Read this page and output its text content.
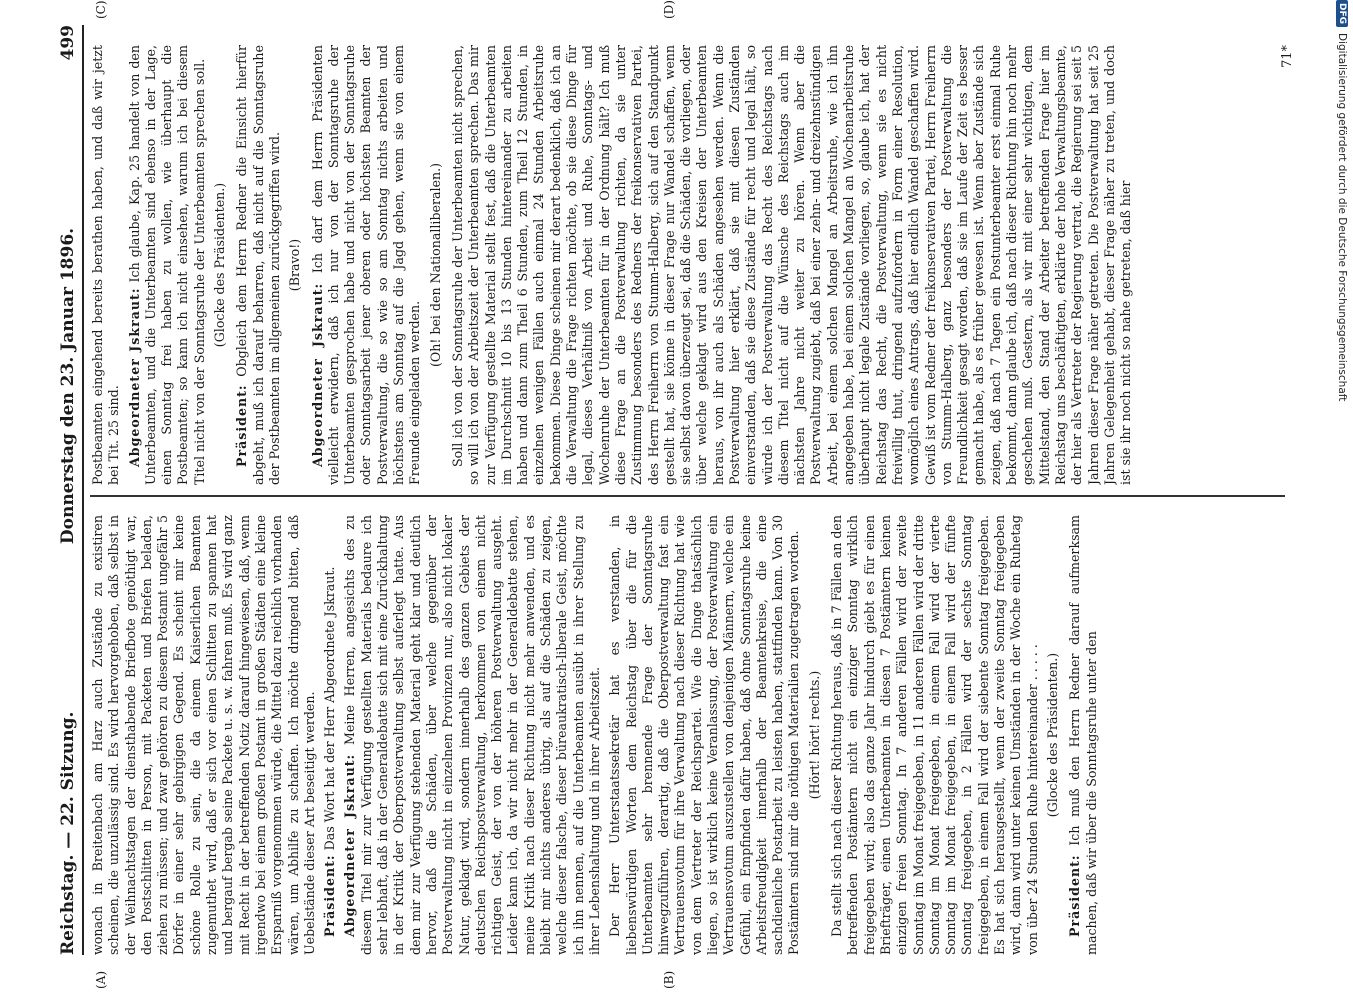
Reichstag. — 22. Sitzung.
Donnerstag den 23. Januar 1896.
499
(A)	(B)
(C)	(D)

wonach in Breitenbach am Harz auch Zustände zu existiren scheinen, die unzulässig sind. Es wird hervorgehoben, daß selbst in der Weihnachtstagen der diensthabende Briefbote genöthigt war, den Postschlitten in Person, mit Packeten und Briefen beladen, ziehen zu müssen; und zwar gehören zu diesem Postamt ungefähr 5 Dörfer in einer sehr gebirgigen Gegend. Es scheint mir keine schöne Rolle zu sein, die da einem Kaiserlichen Beamten zugemuthet wird, daß er sich vor einen Schlitten zu spannen hat und bergauf bergab seine Packete u. s. w. fahren muß. Es wird ganz mit Recht in der betreffenden Notiz darauf hingewiesen, daß, wenn irgendwo bei einem großen Postamt in großen Städten eine kleine Ersparniß vorgenommen würde, die Mittel dazu reichlich vorhanden wären, um Abhilfe zu schaffen. Ich möchte dringend bitten, daß Uebelstände dieser Art beseitigt werden. Präsident: Das Wort hat der Herr Abgeordnete Jskraut. Abgeordneter Jskraut: Meine Herren, angesichts des zu diesem Titel mir zur Verfügung gestellten Materials bedaure ich sehr lebhaft, daß in der Generaldebatte sich mit eine Zurückhaltung in der Kritik der Oberpostverwaltung selbst auferlegt hatte. Aus dem mir zur Verfügung stehenden Material geht klar und deutlich hervor, daß die Schäden, über welche gegenüber der Postverwaltung nicht in einzelnen Provinzen nur, also nicht lokaler Natur, geklagt wird, sondern innerhalb des ganzen Gebiets der deutschen Reichspostverwaltung, herkommen von einem nicht richtigen Geist, der von der höheren Postverwaltung ausgeht. Leider kann ich, da wir nicht mehr in der Generaldebatte stehen, meine Kritik nach dieser Richtung nicht mehr anwenden, und es bleibt mir nichts anderes übrig, als auf die Schäden zu zeigen, welche dieser falsche, dieser büreaukratisch-liberale Geist, möchte ich ihn nennen, auf die Unterbeamten ausübt in ihrer Stellung zu ihrer Lebenshaltung und in ihrer Arbeitszeit. Der Herr Unterstaatssekretär hat es verstanden, in liebenswürdigen Worten dem Reichstag über die für die Unterbeamten sehr brennende Frage der Sonntagsruhe hinwegzuführen, derartig, daß die Oberpostverwaltung fast ein Vertrauensvotum für ihre Verwaltung nach dieser Richtung hat wie von dem Vertreter der Reichspartei. Wie die Dinge thatsächlich liegen, so ist wirklich keine Veranlassung, der Postverwaltung ein Vertrauensvotum auszustellen von denjenigen Männern, welche ein Gefühl, ein Empfinden dafür haben, daß ohne Sonntagsruhe keine Arbeitsfreudigkeit innerhalb der Beamtenkreise, die eine sachdienliche Postarbeit zu leisten haben, stattfinden kann. Von 30 Postämtern sind mir die nöthigen Materialien zugetragen worden. (Hört! hört! rechts.) Da stellt sich nach dieser Richtung heraus, daß in 7 Fällen an den betreffenden Postämtern nicht ein einziger Sonntag wirklich freigegeben wird; also das ganze Jahr hindurch giebt es für einen Briefträger, einen Unterbeamten in diesen 7 Postämtern keinen einzigen freien Sonntag. In 7 anderen Fällen wird der zweite Sonntag im Monat freigegeben, in 11 anderen Fällen wird der dritte Sonntag im Monat freigegeben, in einem Fall wird der vierte Sonntag im Monat freigegeben, in einem Fall wird der fünfte Sonntag freigegeben, in 2 Fällen wird der sechste Sonntag freigegeben, in einem Fall wird der siebente Sonntag freigegeben. Es hat sich herausgestellt, wenn der zweite Sonntag freigegeben wird, dann wird unter keinen Umständen in der Woche ein Ruhetag von über 24 Stunden Ruhe hintereinander . . . . . (Glocke des Präsidenten.)

Präsident: Ich muß den Herrn Redner darauf aufmerksam machen, daß wir über die Sonntagsruhe unter den

Postbeamten eingehend bereits berathen haben, und daß wir jetzt bei Tit. 25 sind. Abgeordneter Jskraut: Ich glaube, Kap. 25 handelt von den Unterbeamten, und die Unterbeamten sind ebenso in der Lage, einen Sonntag frei haben zu wollen, wie überhaupt die Postbeamten; so kann ich nicht einsehen, warum ich bei diesem Titel nicht von der Sonntagsruhe der Unterbeamten sprechen soll. (Glocke des Präsidenten.)

Präsident: Obgleich dem Herrn Redner die Einsicht hierfür abgeht, muß ich darauf beharren, daß nicht auf die Sonntagsruhe der Postbeamten im allgemeinen zurückgegriffen wird. (Bravo!)

Abgeordneter Jskraut: Ich darf dem Herrn Präsidenten vielleicht erwidern, daß ich nur von der Sonntagsruhe der Unterbeamten gesprochen habe und nicht von der Sonntagsruhe oder Sonntagsarbeit jener oberen oder höchsten Beamten der Postverwaltung, die so wie so am Sonntag nichts arbeiten und höchstens am Sonntag auf die Jagd gehen, wenn sie von einem Freunde eingeladen werden.

(Oh! bei den Nationalliberalen.) Soll ich von der Sonntagsruhe der Unterbeamten nicht sprechen, so will ich von der Arbeitszeit der Unterbeamten sprechen. Das mir zur Verfügung gestellte Material stellt fest, daß die Unterbeamten im Durchschnitt 10 bis 13 Stunden hintereinander zu arbeiten haben und dann zum Theil 6 Stunden, zum Theil 12 Stunden, in einzelnen wenigen Fällen auch einmal 24 Stunden Arbeitsruhe bekommen. Diese Dinge scheinen mir derart bedenklich, daß ich an die Verwaltung die Frage richten möchte, ob sie diese Dinge für legal, dieses Verhältniß von Arbeit und Ruhe, Sonntags- und Wochenruhe der Unterbeamten für in der Ordnung hält? Ich muß diese Frage an die Postverwaltung richten, da sie unter Zustimmung besonders des Redners der freikonservativen Partei, des Herrn Freiherrn von Stumm-Halberg, sich auf den Standpunkt gestellt hat, sie könne in dieser Frage nur Wandel schaffen, wenn sie selbst davon überzeugt sei, daß die Schäden, die vorliegen, oder über welche geklagt wird aus den Kreisen der Unterbeamten heraus, von ihr auch als Schäden angesehen werden. Wenn die Postverwaltung hier erklärt, daß sie mit diesen Zuständen einverstanden, daß sie diese Zustände für recht und legal hält, so würde ich der Postverwaltung das Recht des Reichstags nach diesem Titel nicht auf die Wünsche des Reichstags auch im nächsten Jahre nicht weiter zu hören. Wenn aber die Postverwaltung zugiebt, daß bei einer zehn- und dreizehnstündigen Arbeit, bei einem solchen Mangel an Arbeitsruhe, wie ich ihn angegeben habe, bei einem solchen Mangel an Wochenarbeitsruhe überhaupt nicht legale Zustände vorliegen, so, glaube ich, hat der Reichstag das Recht, die Postverwaltung, wenn sie es nicht freiwillig thut, dringend aufzufordern in Form einer Resolution, womöglich eines Antrags, daß hier endlich Wandel geschaffen wird. Gewiß ist vom Redner der freikonservativen Partei, Herrn Freiherrn von Stumm-Halberg, ganz besonders der Postverwaltung die Freundlichkeit gesagt worden, daß sie im Laufe der Zeit es besser gemacht habe, als es früher gewesen ist. Wenn aber Zustände sich zeigen, daß nach 7 Tagen ein Postunterbeamter erst einmal Ruhe bekommt, dann glaube ich, daß nach dieser Richtung hin noch mehr geschehen muß. Gestern, als wir mit einer sehr wichtigen, dem Mittelstand, den Stand der Arbeiter betreffenden Frage hier im Reichstag uns beschäftigten, erklärte der hohe Verwaltungsbeamte, der hier als Vertreter der Regierung vertrat, die Regierung sei seit 5 Jahren dieser Frage näher getreten. Die Postverwaltung hat seit 25 Jahren Gelegenheit gehabt, dieser Frage näher zu treten, und doch ist sie ihr noch nicht so nahe getreten, daß hier

71*
DFG
Digitalisierung gefördert durch die Deutsche Forschungsgemeinschaft
